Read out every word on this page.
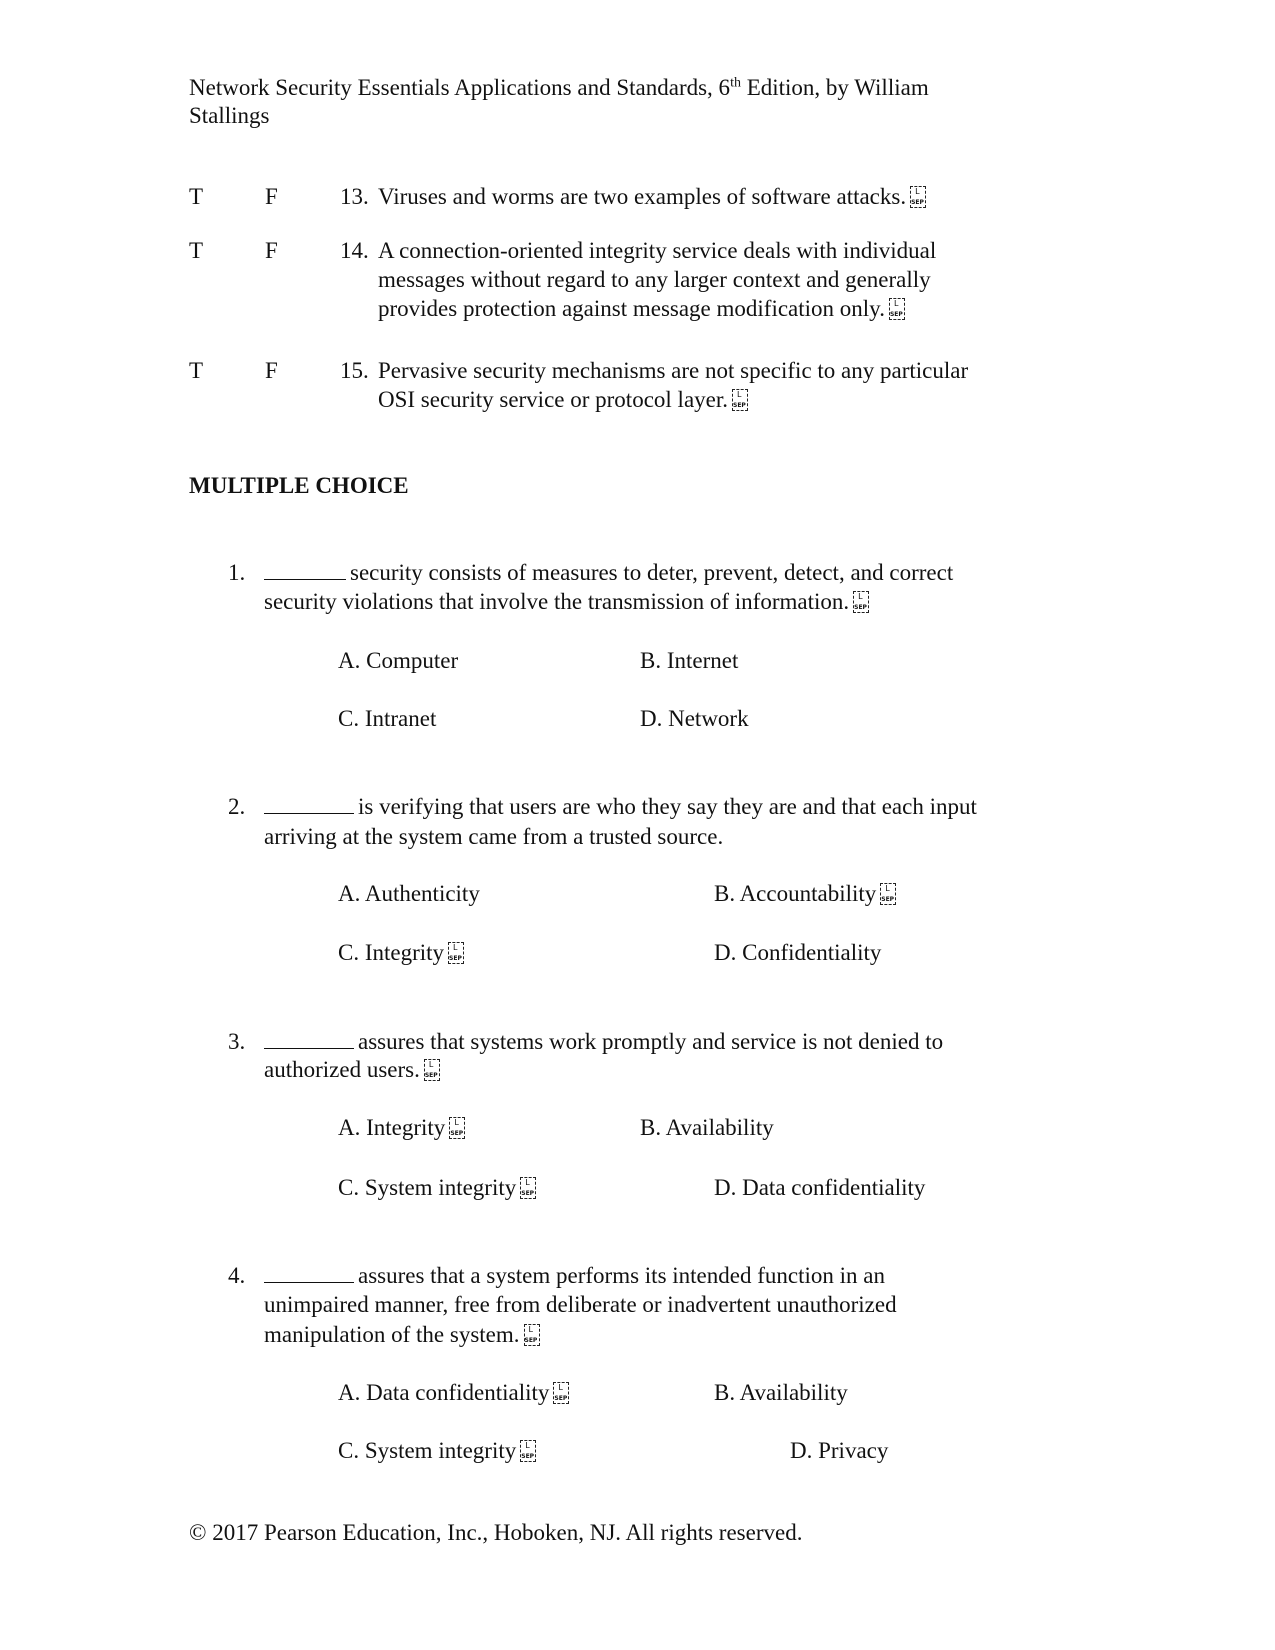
Network Security Essentials Applications and Standards, 6th Edition, by William
Stallings
T	F	13. Viruses and worms are two examples of software attacks.L SEP
T	F	14. A connection-oriented integrity service deals with individual
messages without regard to any larger context and generally
provides protection against message modification only.L SEP
T	F	15. Pervasive security mechanisms are not specific to any particular
OSI security service or protocol layer.L SEP
MULTIPLE CHOICE
1.	security consists of measures to deter, prevent, detect, and correct
security violations that involve the transmission of information.L SEP
A. Computer	B. Internet
C. Intranet	D. Network
2.	is verifying that users are who they say they are and that each input
arriving at the system came from a trusted source.
A. Authenticity	B. AccountabilityL SEP
C. Integrity L SEP	D. Confidentiality
3.	assures that systems work promptly and service is not denied to
authorized users.L SEP
A. Integrity L SEP	B. Availability
C. System integrity L SEP	D. Data confidentiality
4.	assures that a system performs its intended function in an
unimpaired manner, free from deliberate or inadvertent unauthorized
manipulation of the system.L SEP
A. Data confidentiality L SEP	B. Availability
C. System integrity L SEP	D. Privacy
© 2017 Pearson Education, Inc., Hoboken, NJ. All rights reserved.
